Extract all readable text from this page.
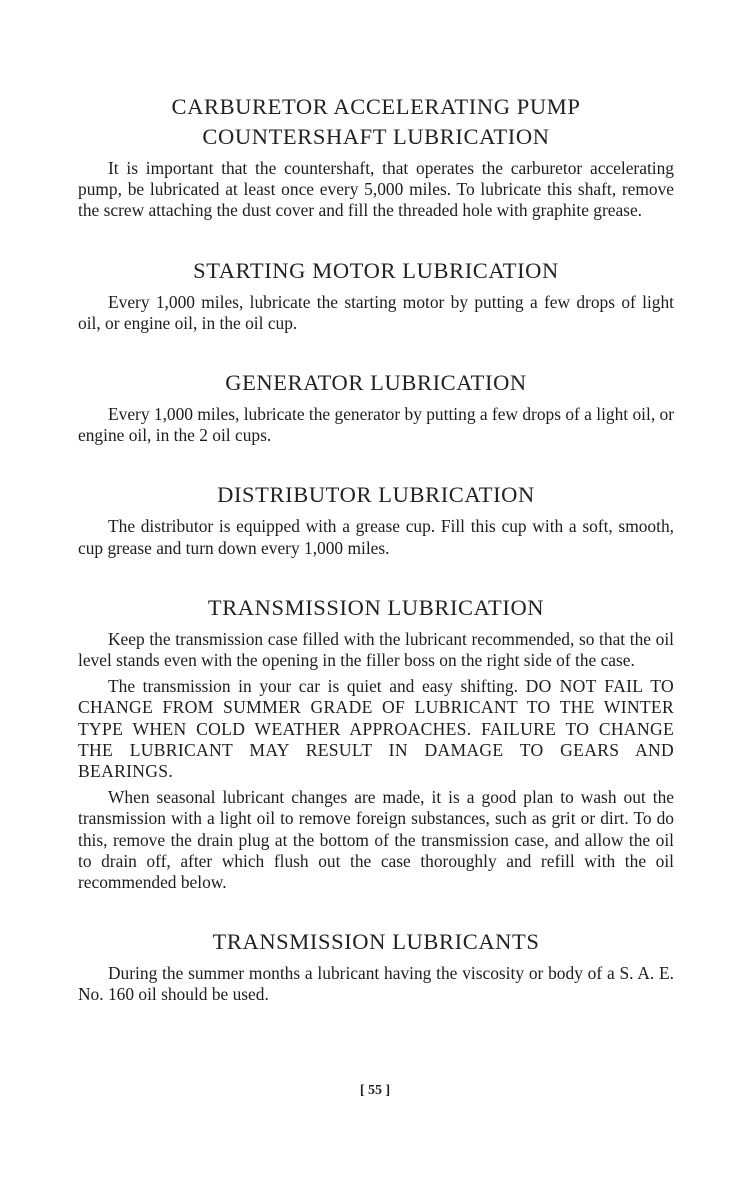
CARBURETOR ACCELERATING PUMP
COUNTERSHAFT LUBRICATION

It is important that the countershaft, that operates the carburetor accelerating pump, be lubricated at least once every 5,000 miles. To lubricate this shaft, remove the screw attaching the dust cover and fill the threaded hole with graphite grease.

STARTING MOTOR LUBRICATION

Every 1,000 miles, lubricate the starting motor by putting a few drops of light oil, or engine oil, in the oil cup.

GENERATOR LUBRICATION

Every 1,000 miles, lubricate the generator by putting a few drops of a light oil, or engine oil, in the 2 oil cups.

DISTRIBUTOR LUBRICATION

The distributor is equipped with a grease cup. Fill this cup with a soft, smooth, cup grease and turn down every 1,000 miles.

TRANSMISSION LUBRICATION

Keep the transmission case filled with the lubricant recommended, so that the oil level stands even with the opening in the filler boss on the right side of the case.

The transmission in your car is quiet and easy shifting. DO NOT FAIL TO CHANGE FROM SUMMER GRADE OF LUBRICANT TO THE WINTER TYPE WHEN COLD WEATHER APPROACHES. FAILURE TO CHANGE THE LUBRICANT MAY RESULT IN DAMAGE TO GEARS AND BEARINGS.

When seasonal lubricant changes are made, it is a good plan to wash out the transmission with a light oil to remove foreign substances, such as grit or dirt. To do this, remove the drain plug at the bottom of the transmission case, and allow the oil to drain off, after which flush out the case thoroughly and refill with the oil recommended below.

TRANSMISSION LUBRICANTS

During the summer months a lubricant having the viscosity or body of a S. A. E. No. 160 oil should be used.

[ 55 ]
